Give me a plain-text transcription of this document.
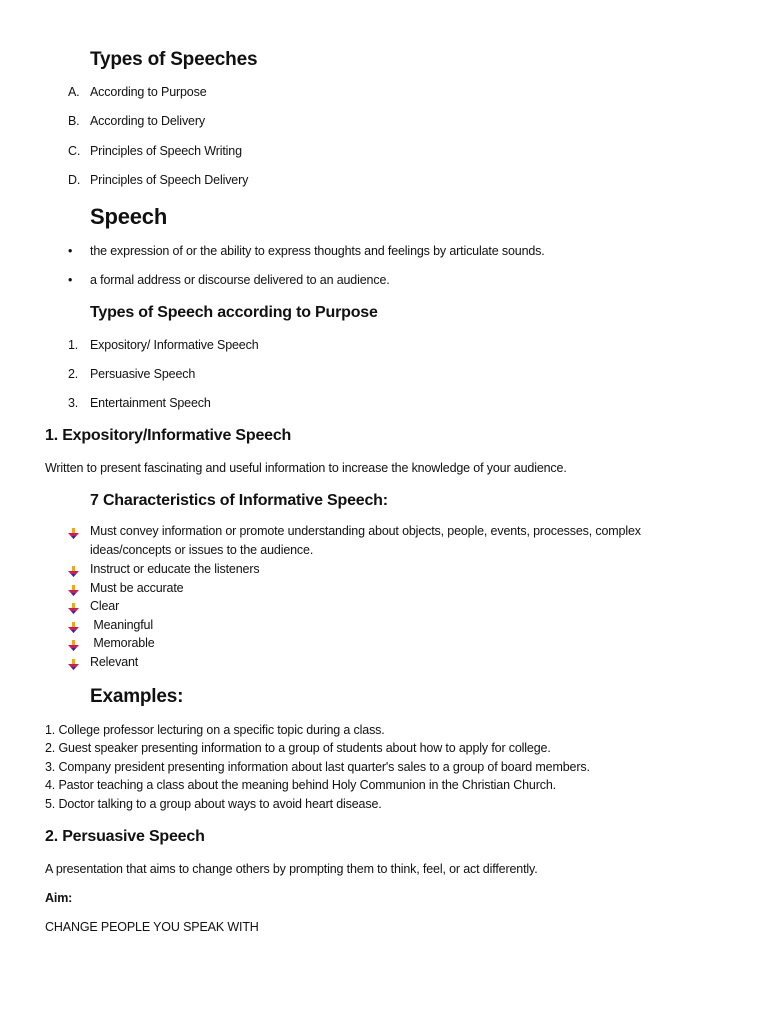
Types of Speeches
A. According to Purpose
B. According to Delivery
C. Principles of Speech Writing
D. Principles of Speech Delivery
Speech
• the expression of or the ability to express thoughts and feelings by articulate sounds.
• a formal address or discourse delivered to an audience.
Types of Speech according to Purpose
1. Expository/ Informative Speech
2. Persuasive Speech
3. Entertainment Speech
1. Expository/Informative Speech
Written to present fascinating and useful information to increase the knowledge of your audience.
7 Characteristics of Informative Speech:
Must convey information or promote understanding about objects, people, events, processes, complex
ideas/concepts or issues to the audience.
Instruct or educate the listeners
Must be accurate
Clear
Meaningful
Memorable
Relevant
Examples:
1. College professor lecturing on a specific topic during a class.
2. Guest speaker presenting information to a group of students about how to apply for college.
3. Company president presenting information about last quarter's sales to a group of board members.
4. Pastor teaching a class about the meaning behind Holy Communion in the Christian Church.
5. Doctor talking to a group about ways to avoid heart disease.
2. Persuasive Speech
A presentation that aims to change others by prompting them to think, feel, or act differently.
Aim:
CHANGE PEOPLE YOU SPEAK WITH
